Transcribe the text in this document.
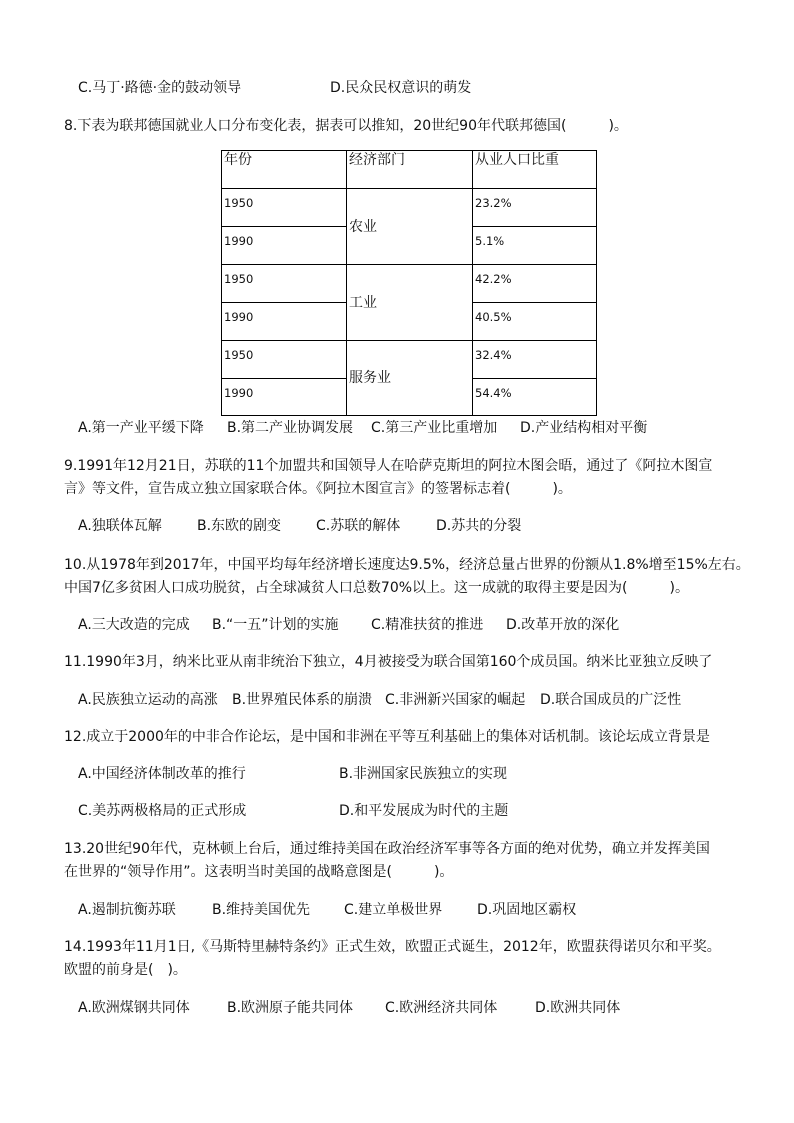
C.马丁·路德·金的鼓动领导	D.民众民权意识的萌发
8.下表为联邦德国就业人口分布变化表，据表可以推知，20世纪90年代联邦德国(　　　)。
年份	经济部门	从业人口比重
1950	农业	23.2%
1990		5.1%
1950	工业	42.2%
1990		40.5%
1950	服务业	32.4%
1990		54.4%
A.第一产业平缓下降 B.第二产业协调发展 C.第三产业比重增加 D.产业结构相对平衡
9.1991年12月21日，苏联的11个加盟共和国领导人在哈萨克斯坦的阿拉木图会晤，通过了《阿拉木图宣
言》等文件，宣告成立独立国家联合体。《阿拉木图宣言》的签署标志着(　　　)。
A.独联体瓦解	B.东欧的剧变 C.苏联的解体	D.苏共的分裂
10.从1978年到2017年，中国平均每年经济增长速度达9.5%，经济总量占世界的份额从1.8%增至15%左右。
中国7亿多贫困人口成功脱贫，占全球减贫人口总数70%以上。这一成就的取得主要是因为(　　　)。
A.三大改造的完成 B.“一五”计划的实施 C.精准扶贫的推进 D.改革开放的深化
11.1990年3月，纳米比亚从南非统治下独立，4月被接受为联合国第160个成员国。纳米比亚独立反映了
A.民族独立运动的高涨 B.世界殖民体系的崩溃 C.非洲新兴国家的崛起 D.联合国成员的广泛性
12.成立于2000年的中非合作论坛，是中国和非洲在平等互利基础上的集体对话机制。该论坛成立背景是
A.中国经济体制改革的推行	B.非洲国家民族独立的实现
C.美苏两极格局的正式形成	D.和平发展成为时代的主题
13.20世纪90年代，克林顿上台后，通过维持美国在政治经济军事等各方面的绝对优势，确立并发挥美国
在世界的“领导作用”。这表明当时美国的战略意图是(　　　)。
A.遏制抗衡苏联	B.维持美国优先 C.建立单极世界 D.巩固地区霸权
14.1993年11月1日,《马斯特里赫特条约》正式生效，欧盟正式诞生，2012年，欧盟获得诺贝尔和平奖。
欧盟的前身是(　)。
A.欧洲煤钢共同体	B.欧洲原子能共同体 C.欧洲经济共同体	D.欧洲共同体
